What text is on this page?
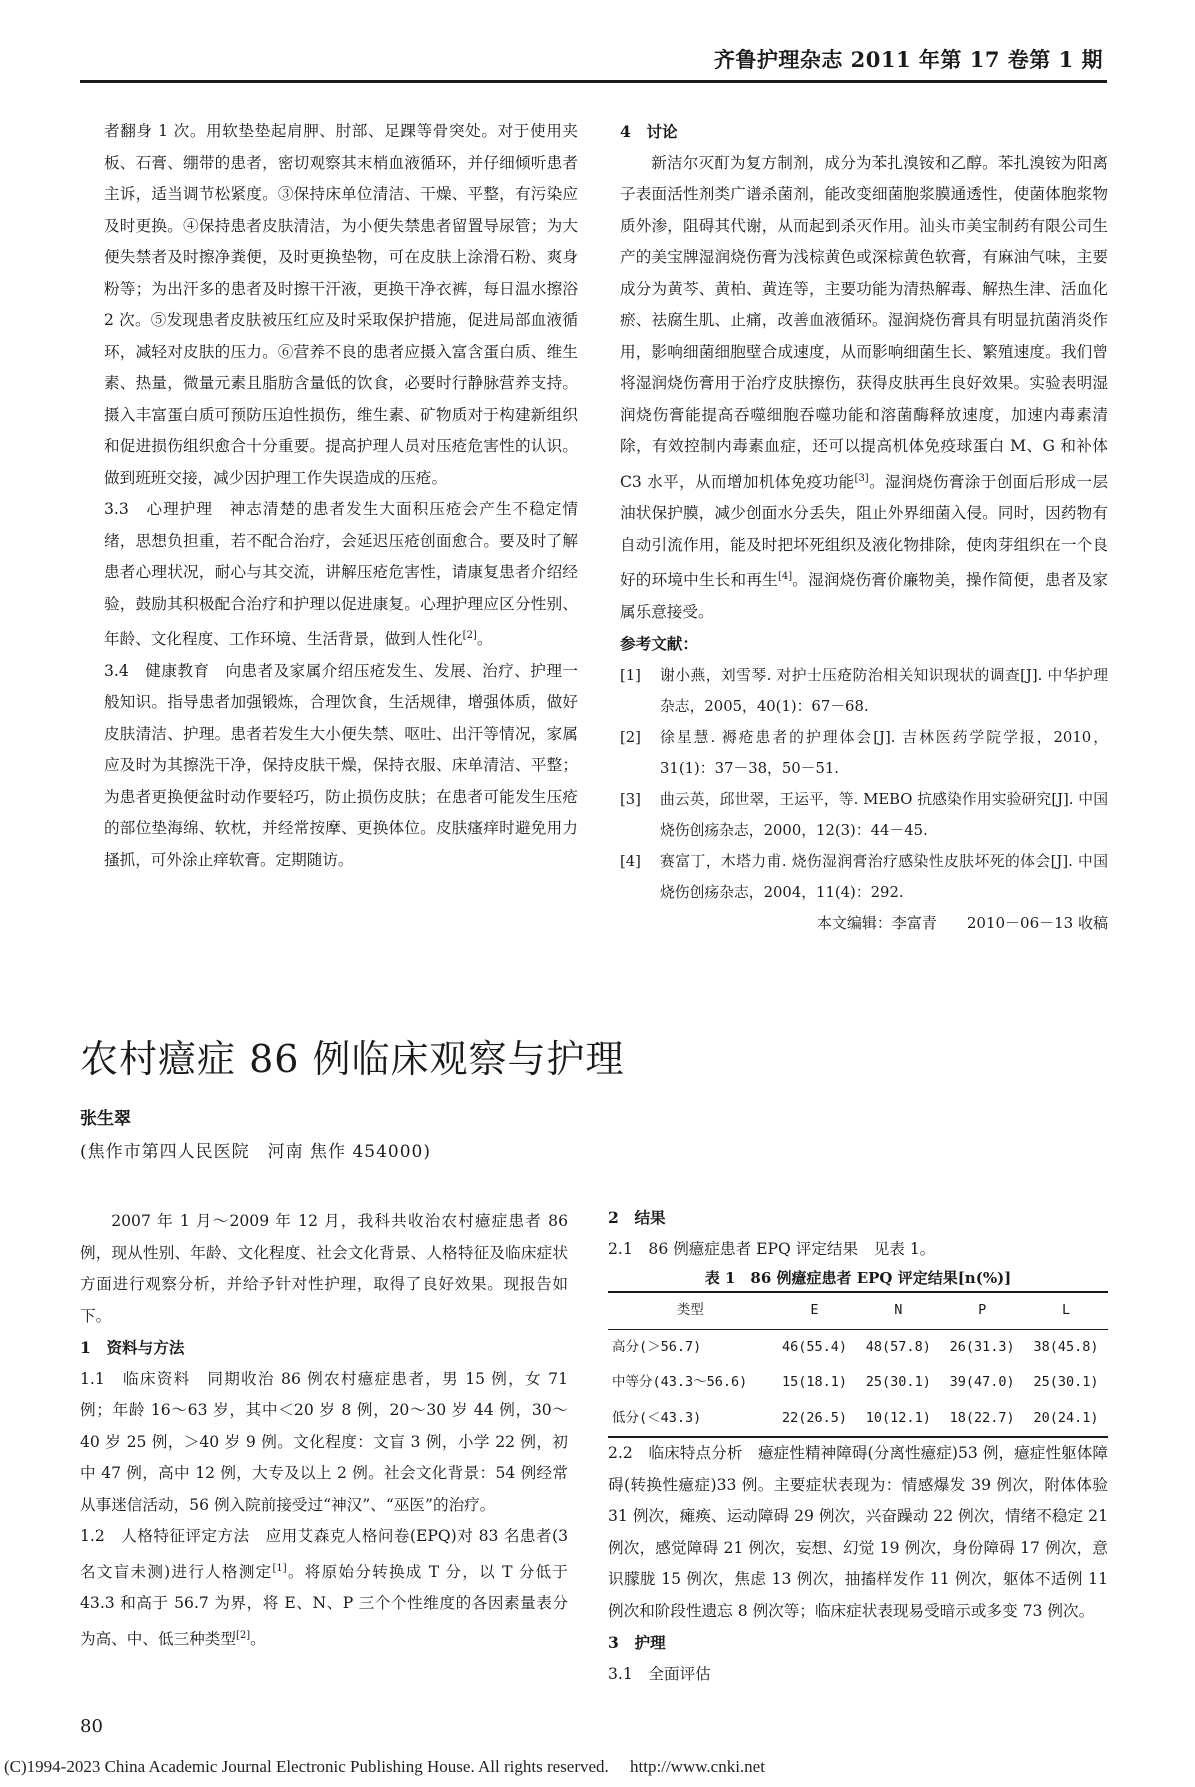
齐鲁护理杂志 2011 年第 17 卷第 1 期

者翻身 1 次。用软垫垫起肩胛、肘部、足踝等骨突处。对于使用夹板、石膏、绷带的患者，密切观察其末梢血液循环，并仔细倾听患者主诉，适当调节松紧度。③保持床单位清洁、干燥、平整，有污染应及时更换。④保持患者皮肤清洁，为小便失禁患者留置导尿管；为大便失禁者及时擦净粪便，及时更换垫物，可在皮肤上涂滑石粉、爽身粉等；为出汗多的患者及时擦干汗液，更换干净衣裤，每日温水擦浴 2 次。⑤发现患者皮肤被压红应及时采取保护措施，促进局部血液循环，减轻对皮肤的压力。⑥营养不良的患者应摄入富含蛋白质、维生素、热量，微量元素且脂肪含量低的饮食，必要时行静脉营养支持。摄入丰富蛋白质可预防压迫性损伤，维生素、矿物质对于构建新组织和促进损伤组织愈合十分重要。提高护理人员对压疮危害性的认识。做到班班交接，减少因护理工作失误造成的压疮。

3.3　心理护理　神志清楚的患者发生大面积压疮会产生不稳定情绪，思想负担重，若不配合治疗，会延迟压疮创面愈合。要及时了解患者心理状况，耐心与其交流，讲解压疮危害性，请康复患者介绍经验，鼓励其积极配合治疗和护理以促进康复。心理护理应区分性别、年龄、文化程度、工作环境、生活背景，做到人性化[2]。

3.4　健康教育　向患者及家属介绍压疮发生、发展、治疗、护理一般知识。指导患者加强锻炼，合理饮食，生活规律，增强体质，做好皮肤清洁、护理。患者若发生大小便失禁、呕吐、出汗等情况，家属应及时为其擦洗干净，保持皮肤干燥，保持衣服、床单清洁、平整；为患者更换便盆时动作要轻巧，防止损伤皮肤；在患者可能发生压疮的部位垫海绵、软枕，并经常按摩、更换体位。皮肤瘙痒时避免用力搔抓，可外涂止痒软膏。定期随访。

4　讨论

新洁尔灭酊为复方制剂，成分为苯扎溴铵和乙醇。苯扎溴铵为阳离子表面活性剂类广谱杀菌剂，能改变细菌胞浆膜通透性，使菌体胞浆物质外渗，阻碍其代谢，从而起到杀灭作用。汕头市美宝制药有限公司生产的美宝牌湿润烧伤膏为浅棕黄色或深棕黄色软膏，有麻油气味，主要成分为黄芩、黄柏、黄连等，主要功能为清热解毒、解热生津、活血化瘀、祛腐生肌、止痛，改善血液循环。湿润烧伤膏具有明显抗菌消炎作用，影响细菌细胞壁合成速度，从而影响细菌生长、繁殖速度。我们曾将湿润烧伤膏用于治疗皮肤擦伤，获得皮肤再生良好效果。实验表明湿润烧伤膏能提高吞噬细胞吞噬功能和溶菌酶释放速度，加速内毒素清除，有效控制内毒素血症，还可以提高机体免疫球蛋白 M、G 和补体 C3 水平，从而增加机体免疫功能[3]。湿润烧伤膏涂于创面后形成一层油状保护膜，减少创面水分丢失，阻止外界细菌入侵。同时，因药物有自动引流作用，能及时把坏死组织及液化物排除，使肉芽组织在一个良好的环境中生长和再生[4]。湿润烧伤膏价廉物美，操作简便，患者及家属乐意接受。

参考文献：

[1]	谢小燕，刘雪琴. 对护士压疮防治相关知识现状的调查[J]. 中华护理杂志，2005，40(1)：67－68.
[2]	徐星慧. 褥疮患者的护理体会[J]. 吉林医药学院学报，2010，31(1)：37－38，50－51.
[3]	曲云英，邱世翠，王运平，等. MEBO 抗感染作用实验研究[J]. 中国烧伤创疡杂志，2000，12(3)：44－45.
[4]	赛富丁，木塔力甫. 烧伤湿润膏治疗感染性皮肤坏死的体会[J]. 中国烧伤创疡杂志，2004，11(4)：292.
本文编辑：李富青　　2010－06－13 收稿
农村癔症 86 例临床观察与护理
张生翠
(焦作市第四人民医院　河南 焦作 454000)

2007 年 1 月～2009 年 12 月，我科共收治农村癔症患者 86 例，现从性别、年龄、文化程度、社会文化背景、人格特征及临床症状方面进行观察分析，并给予针对性护理，取得了良好效果。现报告如下。

1　资料与方法

1.1　临床资料　同期收治 86 例农村癔症患者，男 15 例，女 71 例；年龄 16～63 岁，其中＜20 岁 8 例，20～30 岁 44 例，30～40 岁 25 例，＞40 岁 9 例。文化程度：文盲 3 例，小学 22 例，初中 47 例，高中 12 例，大专及以上 2 例。社会文化背景：54 例经常从事迷信活动，56 例入院前接受过“神汉”、“巫医”的治疗。

1.2　人格特征评定方法　应用艾森克人格问卷(EPQ)对 83 名患者(3 名文盲未测)进行人格测定[1]。将原始分转换成 T 分，以 T 分低于 43.3 和高于 56.7 为界，将 E、N、P 三个个性维度的各因素量表分为高、中、低三种类型[2]。

2　结果

2.1　86 例癔症患者 EPQ 评定结果　见表 1。

表 1　86 例癔症患者 EPQ 评定结果[n(%)]
类型	E	N	P	L
高分(＞56.7)	46(55.4)	48(57.8)	26(31.3)	38(45.8)
中等分(43.3～56.6)	15(18.1)	25(30.1)	39(47.0)	25(30.1)
低分(＜43.3)	22(26.5)	10(12.1)	18(22.7)	20(24.1)

2.2　临床特点分析　癔症性精神障碍(分离性癔症)53 例，癔症性躯体障碍(转换性癔症)33 例。主要症状表现为：情感爆发 39 例次，附体体验 31 例次，瘫痪、运动障碍 29 例次，兴奋躁动 22 例次，情绪不稳定 21 例次，感觉障碍 21 例次，妄想、幻觉 19 例次，身份障碍 17 例次，意识朦胧 15 例次，焦虑 13 例次，抽搐样发作 11 例次，躯体不适例 11 例次和阶段性遗忘 8 例次等；临床症状表现易受暗示或多变 73 例次。

3　护理

3.1　全面评估

80
(C)1994-2023 China Academic Journal Electronic Publishing House. All rights reserved.　 http://www.cnki.net
